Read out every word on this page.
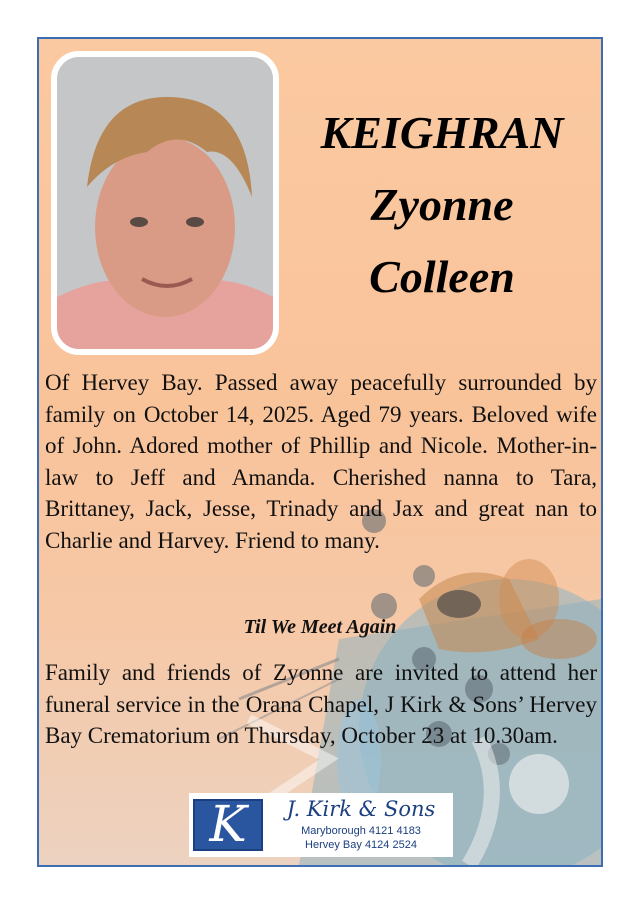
KEIGHRAN
Zyonne
Colleen

Of Hervey Bay. Passed away peacefully surrounded by family on October 14, 2025. Aged 79 years. Beloved wife of John. Adored mother of Phillip and Nicole. Mother-in-law to Jeff and Amanda. Cherished nanna to Tara, Brittaney, Jack, Jesse, Trinady and Jax and great nan to Charlie and Harvey. Friend to many.

Til We Meet Again

Family and friends of Zyonne are invited to attend her funeral service in the Orana Chapel, J Kirk & Sons’ Hervey Bay Crematorium on Thursday, October 23 at 10.30am.

K	J. Kirk & Sons
Maryborough 4121 4183
Hervey Bay 4124 2524
